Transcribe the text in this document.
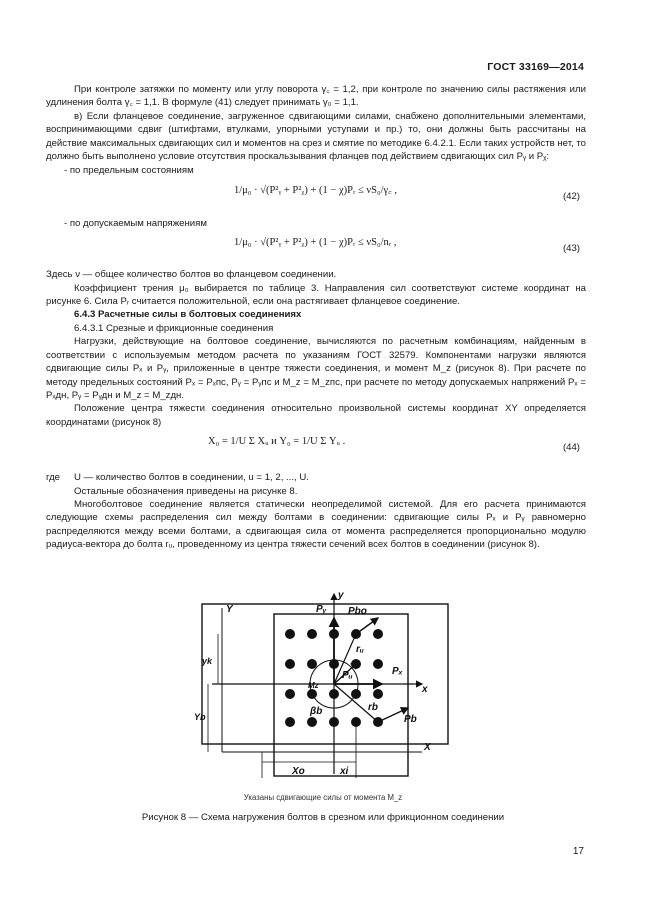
ГОСТ 33169—2014

При контроле затяжки по моменту или углу поворота γ꜀ = 1,2, при контроле по значению силы растяжения или удлинения болта γ꜀ = 1,1. В формуле (41) следует принимать γ₀ = 1,1.

в) Если фланцевое соединение, загруженное сдвигающими силами, снабжено дополнительными элементами, воспринимающими сдвиг (штифтами, втулками, упорными уступами и пр.) то, они должны быть рассчитаны на действие максимальных сдвигающих сил и моментов на срез и смятие по методике 6.4.2.1. Если таких устройств нет, то должно быть выполнено условие отсутствия проскальзывания фланцев под действием сдвигающих сил Pᵧ и Pᵪ:

- по предельным состояниям

1/μ₀ · √(P²ᵧ + P²ᵪ) + (1 − χ)Pᵣ ≤ νS₀/γ꜀ ,
(42)

- по допускаемым напряжениям

1/μ₀ · √(P²ᵧ + P²ᵪ) + (1 − χ)Pᵣ ≤ νS₀/nᵣ ,
(43)

Здесь ν — общее количество болтов во фланцевом соединении.

Коэффициент трения μ₀ выбирается по таблице 3. Направления сил соответствуют системе координат на рисунке 6. Сила Pᵣ считается положительной, если она растягивает фланцевое соединение.

6.4.3 Расчетные силы в болтовых соединениях

6.4.3.1 Срезные и фрикционные соединения

Нагрузки, действующие на болтовое соединение, вычисляются по расчетным комбинациям, найденным в соответствии с используемым методом расчета по указаниям ГОСТ 32579. Компонентами нагрузки являются сдвигающие силы Pₓ и Pᵧ, приложенные в центре тяжести соединения, и момент M_z (рисунок 8). При расчете по методу предельных состояний Pₓ = Pₓпс, Pᵧ = Pᵧпс и M_z = M_zпс, при расчете по методу допускаемых напряжений Pₓ = Pₓдн, Pᵧ = Pᵧдн и M_z = M_zдн.

Положение центра тяжести соединения относительно произвольной системы координат XY определяется координатами (рисунок 8)

X₀ = 1/U Σ Xᵤ и Y₀ = 1/U Σ Yᵤ .
(44)

где U — количество болтов в соединении, u = 1, 2, ..., U.

Остальные обозначения приведены на рисунке 8.

Многоболтовое соединение является статически неопределимой системой. Для его расчета принимаются следующие схемы распределения сил между болтами в соединении: сдвигающие силы Pₓ и Pᵧ равномерно распределяются между всеми болтами, а сдвигающая сила от момента распределяется пропорционально модулю радиуса-вектора до болта rᵤ, проведенному из центра тяжести сечений всех болтов в соединении (рисунок 8).

y
Y
x
X
Pᵧ Pbo
rᵤ
Pᵤ	Pₓ
Mz
Pb
rb
βb
yk
Yb
Xo	xi
Указаны сдвигающие силы от момента M_z
Рисунок 8 — Схема нагружения болтов в срезном или фрикционном соединении
17
